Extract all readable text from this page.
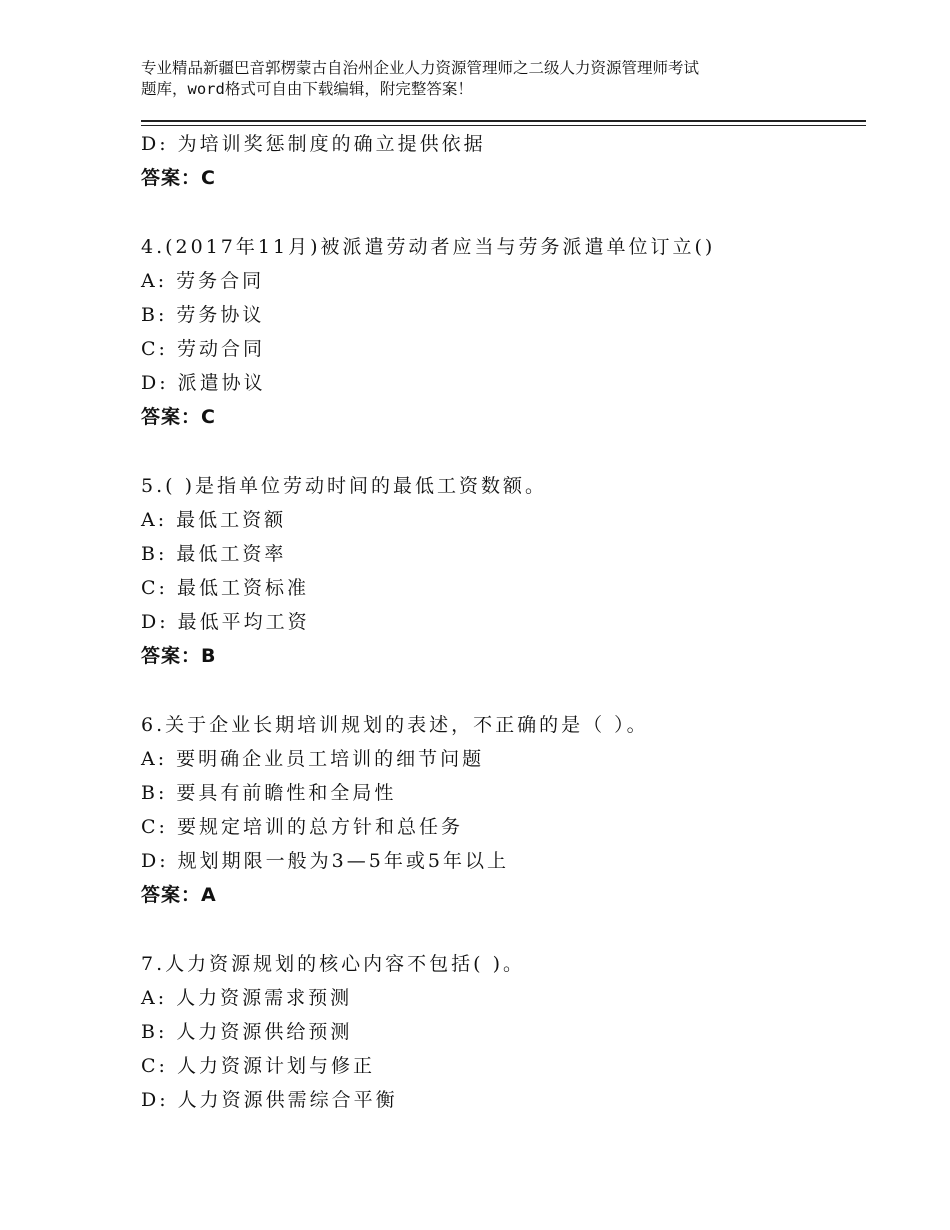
专业精品新疆巴音郭楞蒙古自治州企业人力资源管理师之二级人力资源管理师考试
题库，word格式可自由下载编辑，附完整答案！
D: 为培训奖惩制度的确立提供依据
答案：C
4.(2017年11月)被派遣劳动者应当与劳务派遣单位订立()
A: 劳务合同
B: 劳务协议
C: 劳动合同
D: 派遣协议
答案：C
5.( )是指单位劳动时间的最低工资数额。
A: 最低工资额
B: 最低工资率
C: 最低工资标准
D: 最低平均工资
答案：B
6.关于企业长期培训规划的表述，不正确的是（ ）。
A: 要明确企业员工培训的细节问题
B: 要具有前瞻性和全局性
C: 要规定培训的总方针和总任务
D: 规划期限一般为3—5年或5年以上
答案：A
7.人力资源规划的核心内容不包括( )。
A: 人力资源需求预测
B: 人力资源供给预测
C: 人力资源计划与修正
D: 人力资源供需综合平衡
